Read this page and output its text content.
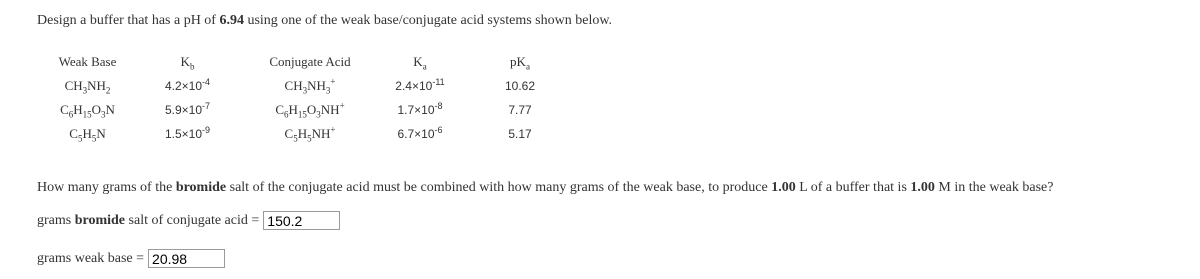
Design a buffer that has a pH of 6.94 using one of the weak base/conjugate acid systems shown below.
Weak Base	$K_b$	Conjugate Acid	$K_a$	$pK_a$
$CH_3NH_2$	$4.2\times 10^{-4}$	$CH_3NH_3^+$	$2.4\times 10^{-11}$	10.62
$C_6H_{15}O_3N$	$5.9\times 10^{-7}$	$C_6H_{15}O_3NH^+$	$1.7\times 10^{-8}$	7.77
$C_5H_5N$	$1.5\times 10^{-9}$	$C_5H_5NH^+$	$6.7\times 10^{-6}$	5.17
How many grams of the bromide salt of the conjugate acid must be combined with how many grams of the weak base, to produce 1.00 L of a buffer that is 1.00 M in the weak base?
grams bromide salt of conjugate acid =
150.2
grams weak base =
20.98
